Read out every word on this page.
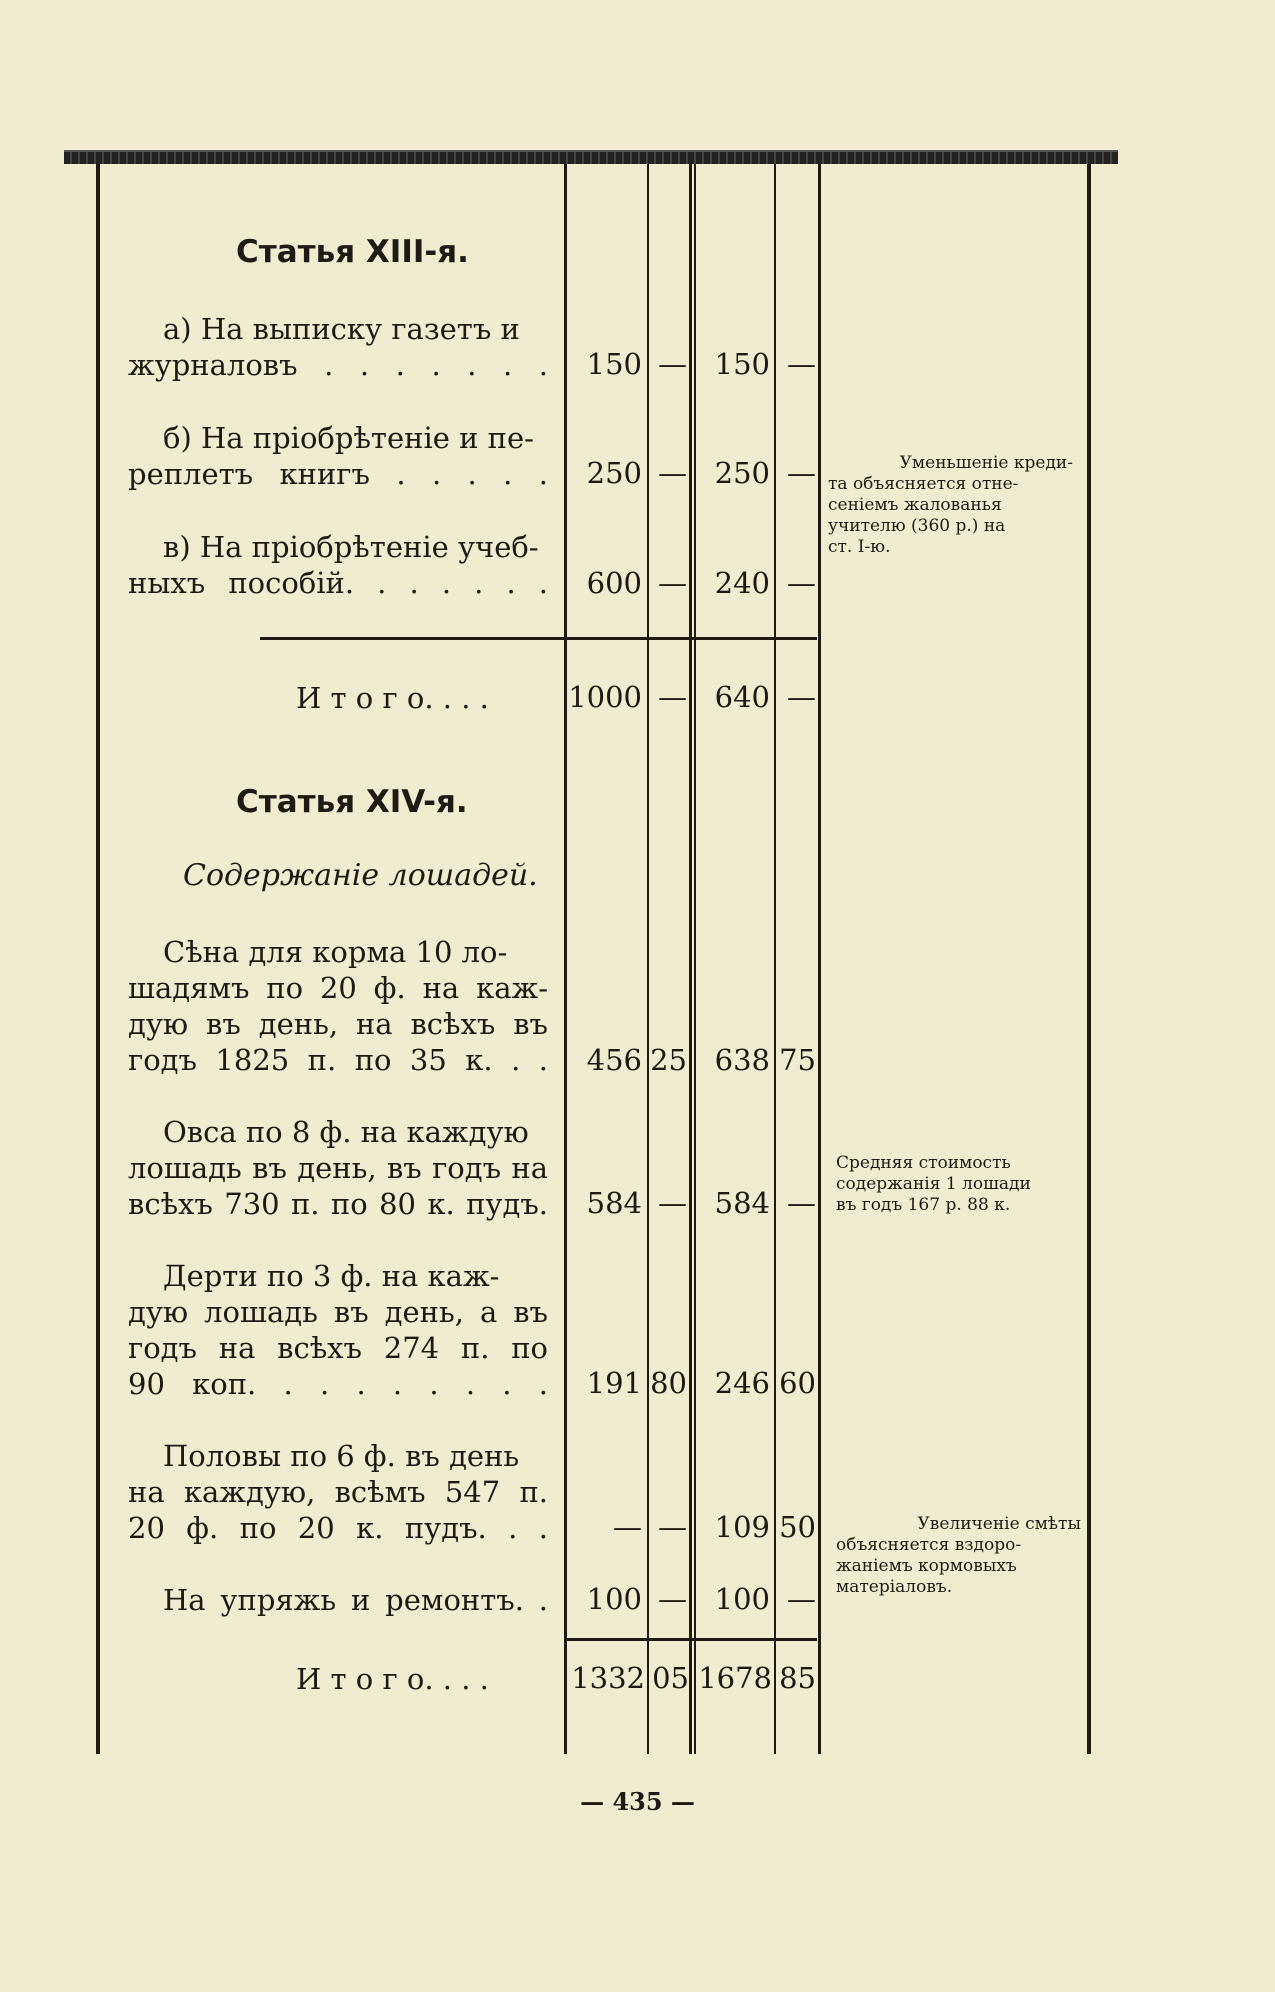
Статья XIII-я.
а) На выписку газетъ и
журналовъ . . . . . . .	150 — 150 —
б) На пріобрѣтеніе и пе-
реплетъ книгъ . . . . .	250 — 250 —
в) На пріобрѣтеніе учеб-
ныхъ пособій. . . . . . .	600 — 240 —
И т о г о. . . .	1000 — 640 —
Уменьшеніе креди-
та объясняется отне-
сеніемъ жалованья
учителю (360 р.) на
ст. I-ю.
Статья XIV-я.
Содержаніе лошадей.
Сѣна для корма 10 ло-
шадямъ по 20 ф. на каж-
дую въ день, на всѣхъ въ
годъ 1825 п. по 35 к. . .	456 25 638 75
Овса по 8 ф. на каждую
лошадь въ день, въ годъ на
всѣхъ 730 п. по 80 к. пудъ.	584 — 584 —
Средняя стоимость
содержанія 1 лошади
въ годъ 167 р. 88 к.
Дерти по 3 ф. на каж-
дую лошадь въ день, а въ
годъ на всѣхъ 274 п. по
90 коп. . . . . . . . .	191 80 246 60
Половы по 6 ф. въ день
на каждую, всѣмъ 547 п.
20 ф. по 20 к. пудъ. . .	— — 109 50
На упряжь и ремонтъ. .	100 — 100 —
Увеличеніе смѣты
объясняется вздоро-
жаніемъ кормовыхъ
матеріаловъ.
И т о г о. . . .	1332 05 1678 85
— 435 —
